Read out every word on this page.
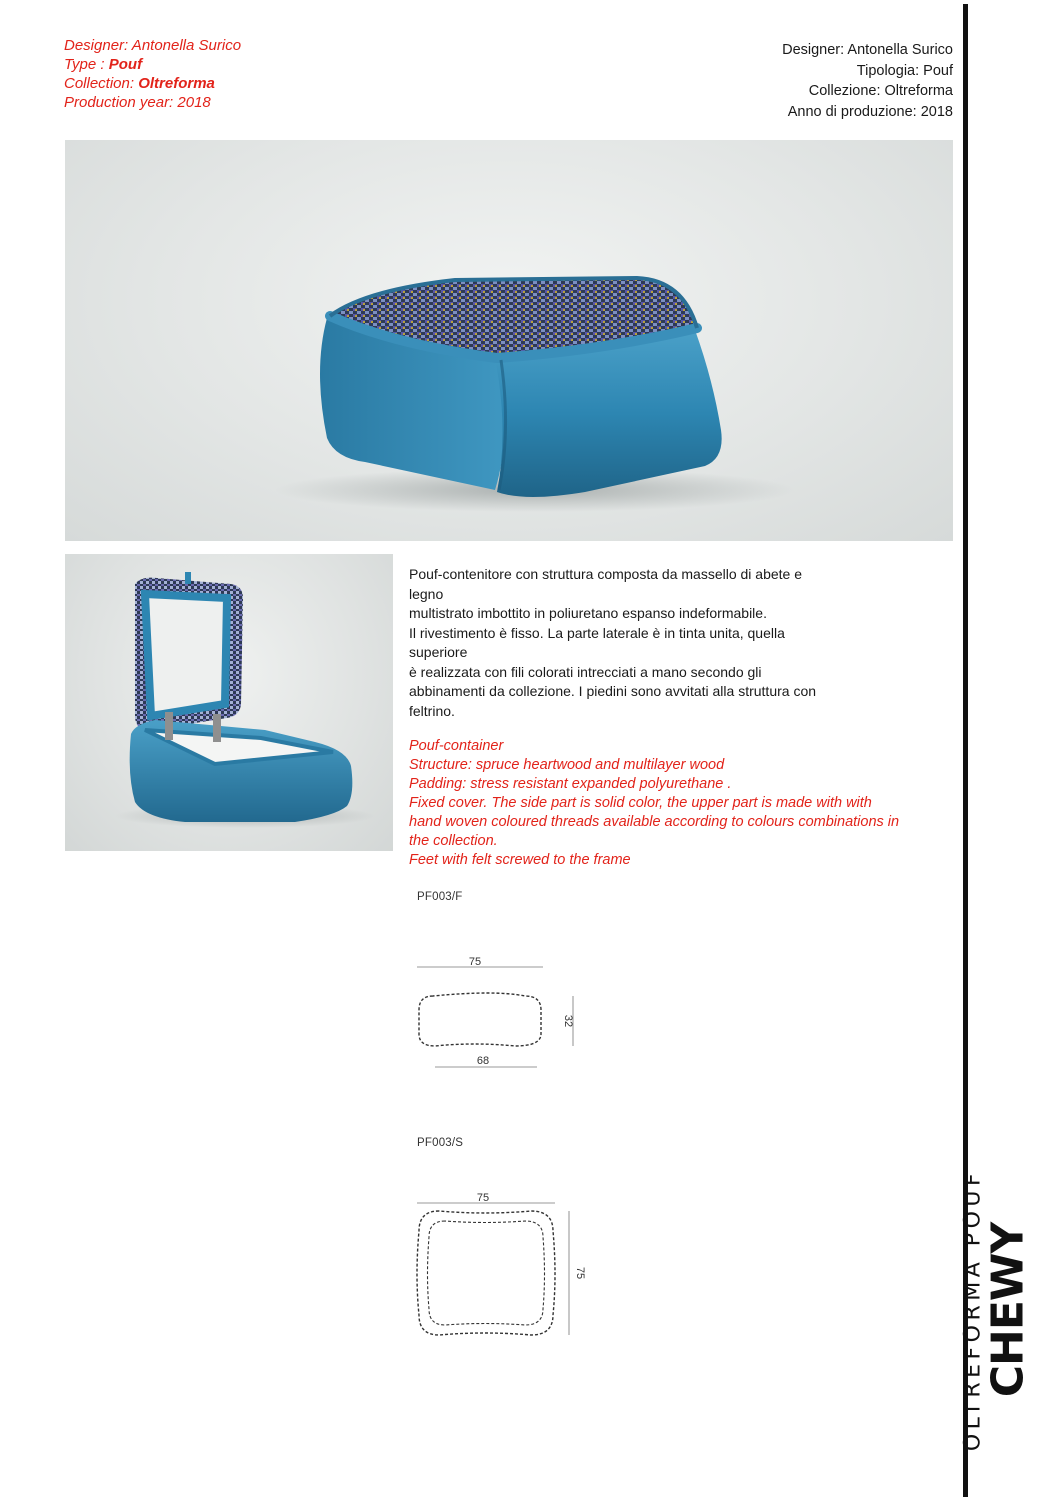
Designer: Antonella Surico
Type : Pouf
Collection: Oltreforma
Production year: 2018
Designer: Antonella Surico
Tipologia: Pouf
Collezione: Oltreforma
Anno di produzione: 2018
Pouf-contenitore con struttura composta da massello di abete e
legno
multistrato imbottito in poliuretano espanso indeformabile.
Il rivestimento è fisso. La parte laterale è in tinta unita, quella
superiore
è realizzata con fili colorati intrecciati a mano secondo gli
abbinamenti da collezione. I piedini sono avvitati alla struttura con
feltrino.
Pouf-container
Structure: spruce heartwood and multilayer wood
Padding: stress resistant expanded polyurethane .
Fixed cover. The side part is solid color, the upper part is made with with
hand woven coloured threads available according to colours combinations in
the collection.
Feet with felt screwed to the frame
PF003/F
75
32
68
PF003/S
75
75	OLTREFORMA POUF
CHEWY
